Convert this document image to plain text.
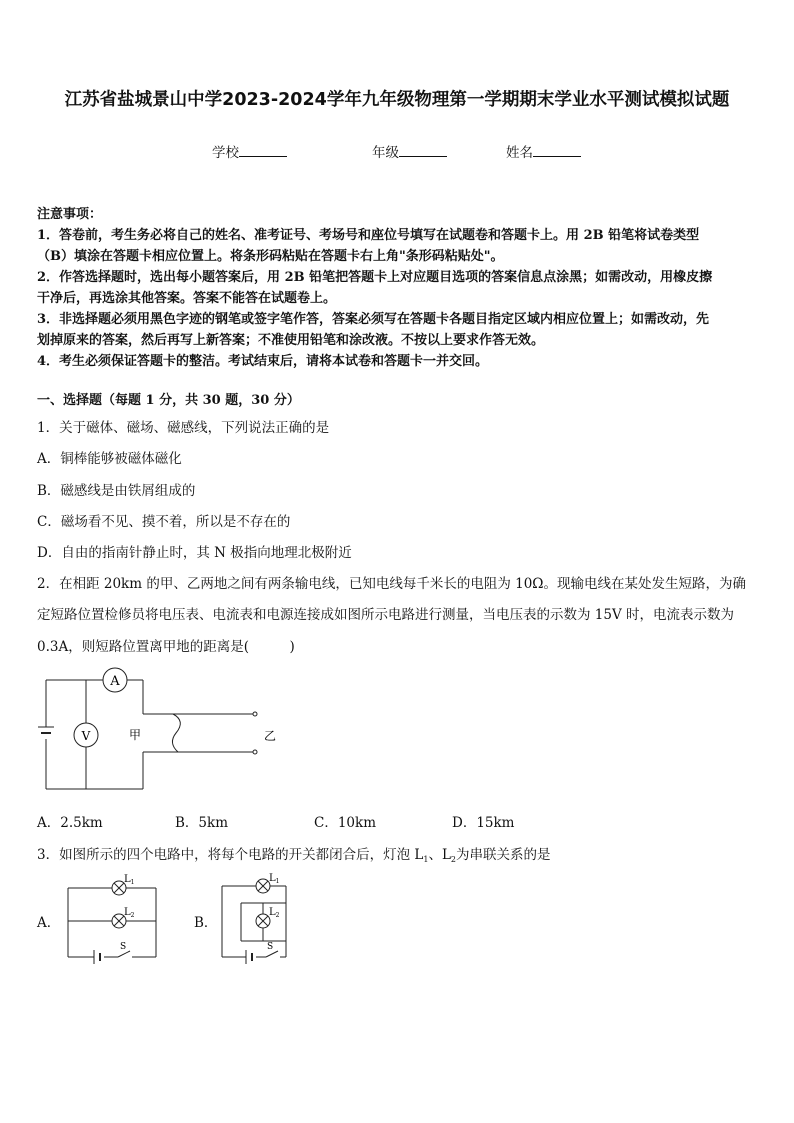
江苏省盐城景山中学2023-2024学年九年级物理第一学期期末学业水平测试模拟试题
学校	年级	姓名
注意事项：
1．答卷前，考生务必将自己的姓名、准考证号、考场号和座位号填写在试题卷和答题卡上。用 2B 铅笔将试卷类型
（B）填涂在答题卡相应位置上。将条形码粘贴在答题卡右上角"条形码粘贴处"。
2．作答选择题时，选出每小题答案后，用 2B 铅笔把答题卡上对应题目选项的答案信息点涂黑；如需改动，用橡皮擦
干净后，再选涂其他答案。答案不能答在试题卷上。
3．非选择题必须用黑色字迹的钢笔或签字笔作答，答案必须写在答题卡各题目指定区域内相应位置上；如需改动，先
划掉原来的答案，然后再写上新答案；不准使用铅笔和涂改液。不按以上要求作答无效。
4．考生必须保证答题卡的整洁。考试结束后，请将本试卷和答题卡一并交回。
一、选择题（每题 1 分，共 30 题，30 分）
1．关于磁体、磁场、磁感线，下列说法正确的是
A．铜棒能够被磁体磁化
B．磁感线是由铁屑组成的
C．磁场看不见、摸不着，所以是不存在的
D．自由的指南针静止时，其 N 极指向地理北极附近
2．在相距 20km 的甲、乙两地之间有两条输电线，已知电线每千米长的电阻为 10Ω。现输电线在某处发生短路，为确
定短路位置检修员将电压表、电流表和电源连接成如图所示电路进行测量，当电压表的示数为 15V 时，电流表示数为
0.3A，则短路位置离甲地的距离是(　　　)
A
V	甲	乙
A．2.5km	B．5km	C．10km	D．15km
3．如图所示的四个电路中，将每个电路的开关都闭合后，灯泡 $L_1$、$L_2$为串联关系的是
A．
$L_1$
$L_2$
S
B．
$L_1$
$L_2$
S
